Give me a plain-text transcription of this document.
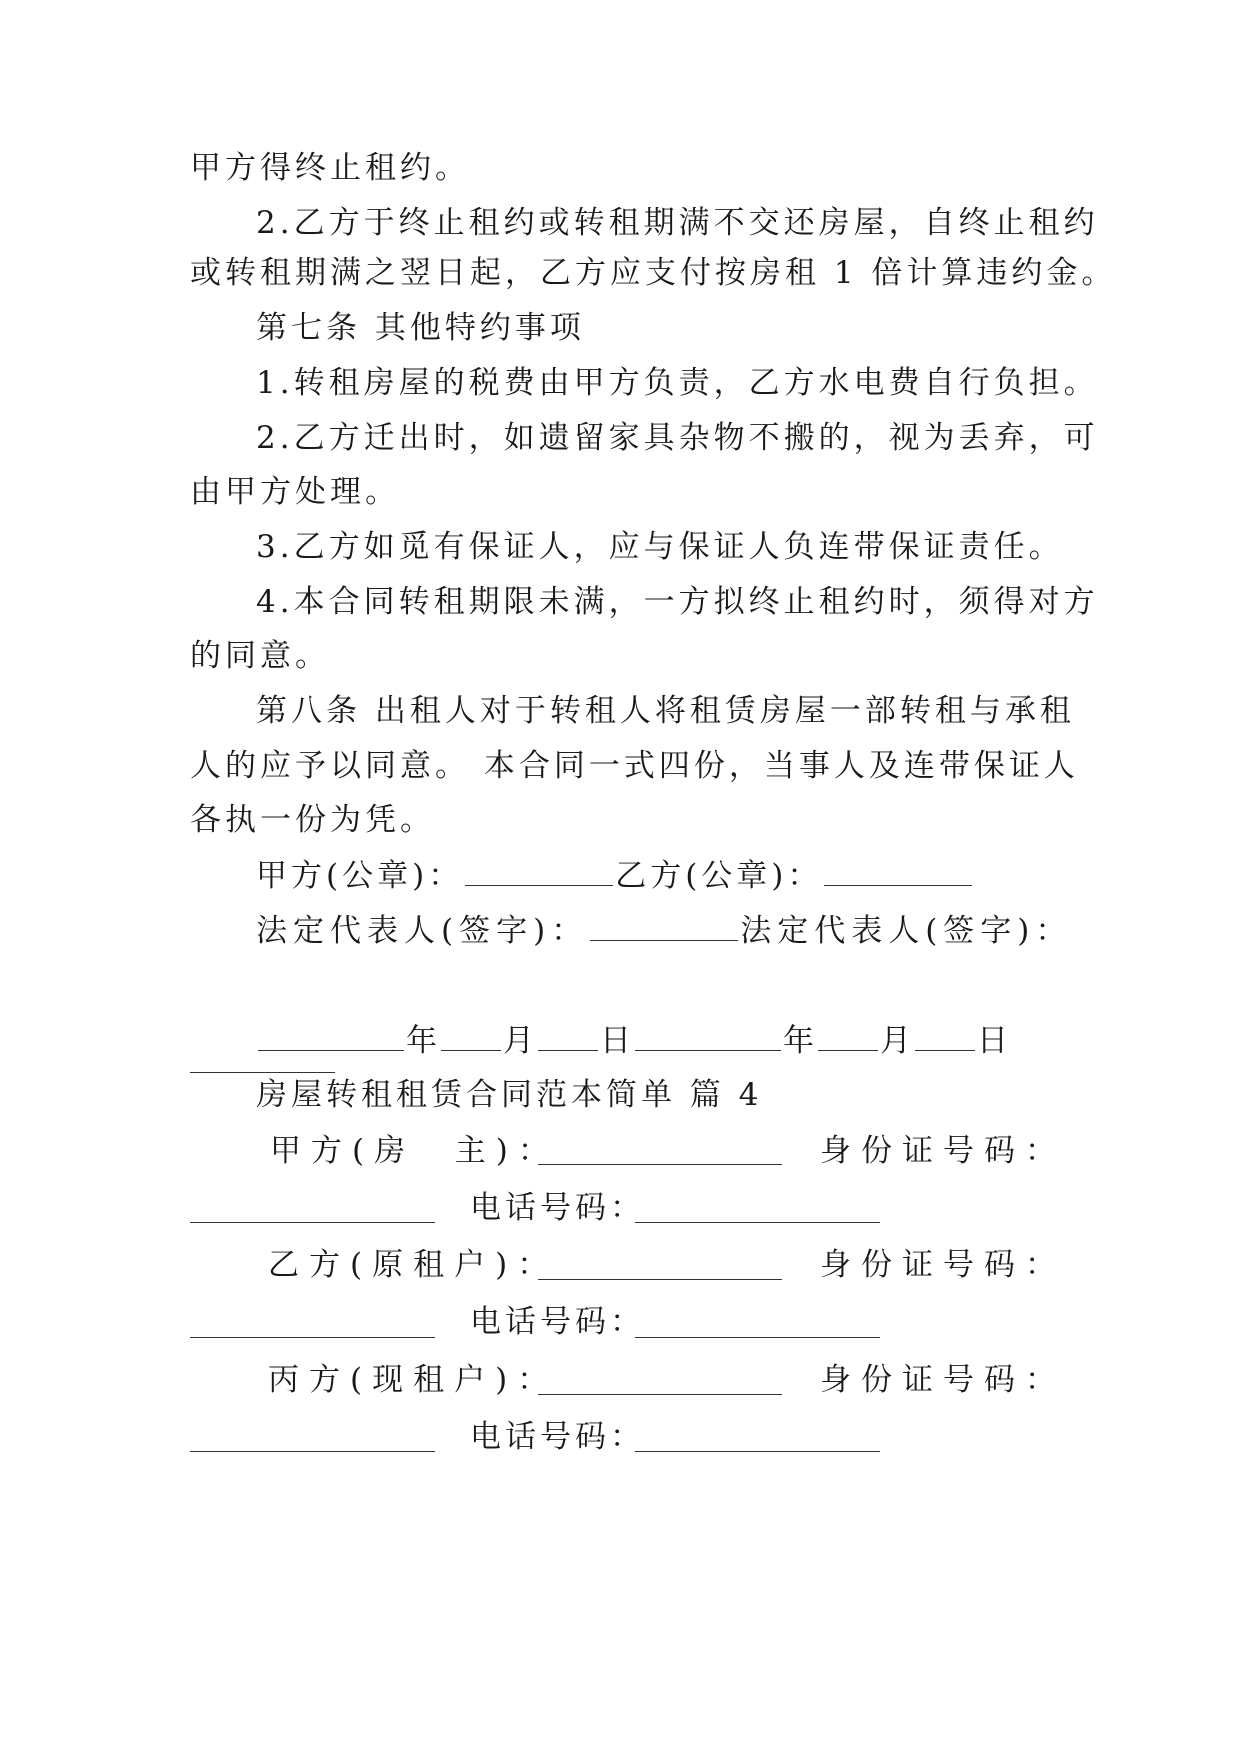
甲方得终止租约。
2.乙方于终止租约或转租期满不交还房屋，自终止租约
或转租期满之翌日起，乙方应支付按房租 1 倍计算违约金。
第七条 其他特约事项
1.转租房屋的税费由甲方负责，乙方水电费自行负担。
2.乙方迁出时，如遗留家具杂物不搬的，视为丢弃，可
由甲方处理。
3.乙方如觅有保证人，应与保证人负连带保证责任。
4.本合同转租期限未满，一方拟终止租约时，须得对方
的同意。
第八条 出租人对于转租人将租赁房屋一部转租与承租
人的应予以同意。 本合同一式四份，当事人及连带保证人
各执一份为凭。
甲方(公章)：	乙方(公章)：
法定代表人(签字)：	法定代表人(签字)：
年 月 日	年 月 日
房屋转租租赁合同范本简单 篇 4
甲方(房  主)：	身份证号码：
电话号码：
乙方(原租户)：	身份证号码：
电话号码：
丙方(现租户)：	身份证号码：
电话号码：
